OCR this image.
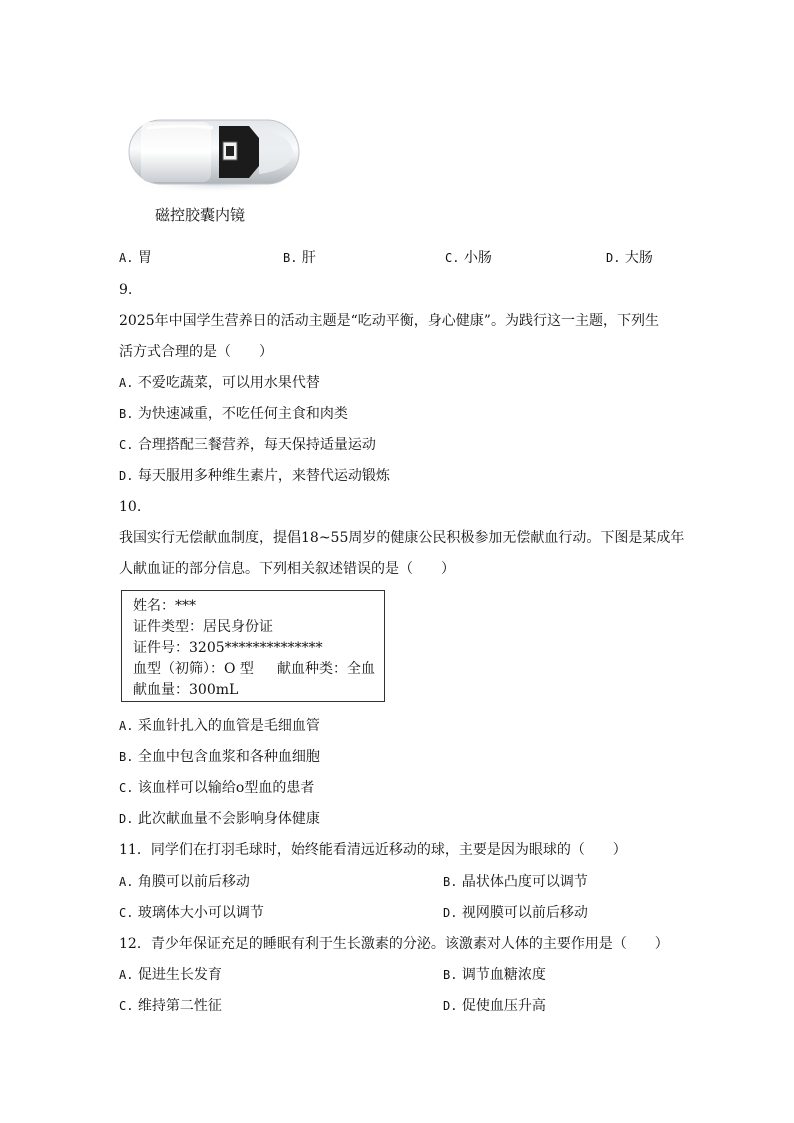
磁控胶囊内镜
A. 胃	B. 肝	C. 小肠	D. 大肠
9.
2025年中国学生营养日的活动主题是“吃动平衡，身心健康”。为践行这一主题，下列生
活方式合理的是（　　）
A. 不爱吃蔬菜，可以用水果代替
B. 为快速减重，不吃任何主食和肉类
C. 合理搭配三餐营养，每天保持适量运动
D. 每天服用多种维生素片，来替代运动锻炼
10.
我国实行无偿献血制度，提倡18~55周岁的健康公民积极参加无偿献血行动。下图是某成年
人献血证的部分信息。下列相关叙述错误的是（　　）
姓名：***
证件类型：居民身份证
证件号：3205**************
血型（初筛）：O 型 献血种类：全血
献血量：300mL
A. 采血针扎入的血管是毛细血管
B. 全血中包含血浆和各种血细胞
C. 该血样可以输给o型血的患者
D. 此次献血量不会影响身体健康
11．同学们在打羽毛球时，始终能看清远近移动的球，主要是因为眼球的（　　）
A. 角膜可以前后移动	B. 晶状体凸度可以调节
C. 玻璃体大小可以调节	D. 视网膜可以前后移动
12．青少年保证充足的睡眠有利于生长激素的分泌。该激素对人体的主要作用是（　　）
A. 促进生长发育	B. 调节血糖浓度
C. 维持第二性征	D. 促使血压升高
